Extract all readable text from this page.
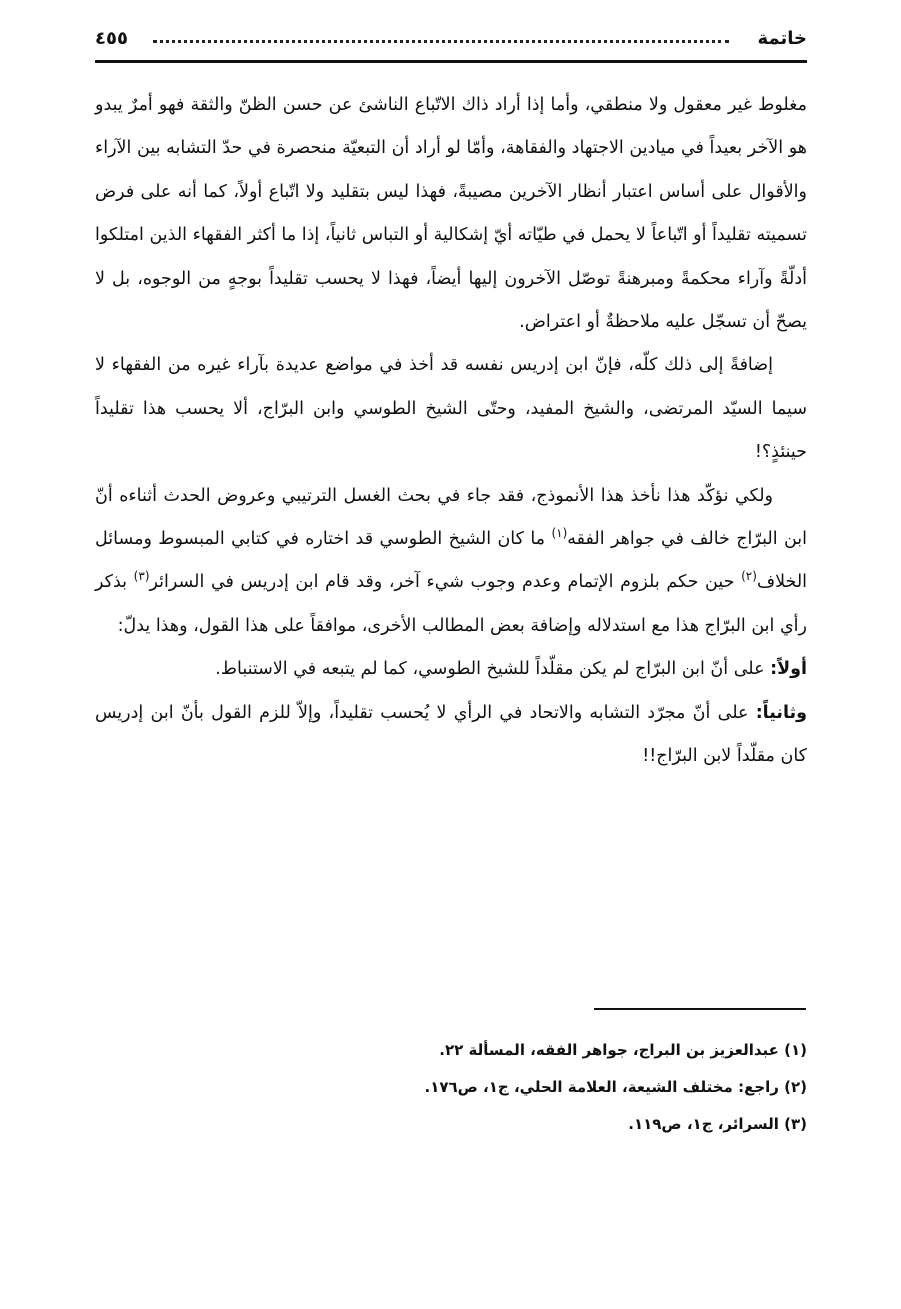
خاتمة
٤٥٥

مغلوط غير معقول ولا منطقي، وأما إذا أراد ذاك الاتّباع الناشئ عن حسن الظنّ والثقة فهو أمرٌ يبدو هو الآخر بعيداً في ميادين الاجتهاد والفقاهة، وأمّا لو أراد أن التبعيّة منحصرة في حدّ التشابه بين الآراء والأقوال على أساس اعتبار أنظار الآخرين مصيبةً، فهذا ليس بتقليد ولا اتّباع أولاً، كما أنه على فرض تسميته تقليداً أو اتّباعاً لا يحمل في طيّاته أيّ إشكالية أو التباس ثانياً، إذا ما أكثر الفقهاء الذين امتلكوا أدلّةً وآراء محكمةً ومبرهنةً توصّل الآخرون إليها أيضاً، فهذا لا يحسب تقليداً بوجهٍ من الوجوه، بل لا يصحّ أن تسجّل عليه ملاحظةٌ أو اعتراض.

إضافةً إلى ذلك كلّه، فإنّ ابن إدريس نفسه قد أخذ في مواضع عديدة بآراء غيره من الفقهاء لا سيما السيّد المرتضى، والشيخ المفيد، وحتّى الشيخ الطوسي وابن البرّاج، ألا يحسب هذا تقليداً حينئذٍ؟!

ولكي نؤكّد هذا نأخذ هذا الأنموذج، فقد جاء في بحث الغسل الترتيبي وعروض الحدث أثناءه أنّ ابن البرّاج خالف في جواهر الفقه$^{(١)}$ ما كان الشيخ الطوسي قد اختاره في كتابي المبسوط ومسائل الخلاف$^{(٢)}$ حين حكم بلزوم الإتمام وعدم وجوب شيء آخر، وقد قام ابن إدريس في السرائر$^{(٣)}$ بذكر رأي ابن البرّاج هذا مع استدلاله وإضافة بعض المطالب الأخرى، موافقاً على هذا القول، وهذا يدلّ:

أولاً: على أنّ ابن البرّاج لم يكن مقلّداً للشيخ الطوسي، كما لم يتبعه في الاستنباط.

وثانياً: على أنّ مجرّد التشابه والاتحاد في الرأي لا يُحسب تقليداً، وإلاّ للزم القول بأنّ ابن إدريس كان مقلّداً لابن البرّاج!!

(١) عبدالعزيز بن البراج، جواهر الفقه، المسألة ٢٢.

(٢) راجع: مختلف الشيعة، العلامة الحلي، ج١، ص١٧٦.

(٣) السرائر، ج١، ص١١٩.
